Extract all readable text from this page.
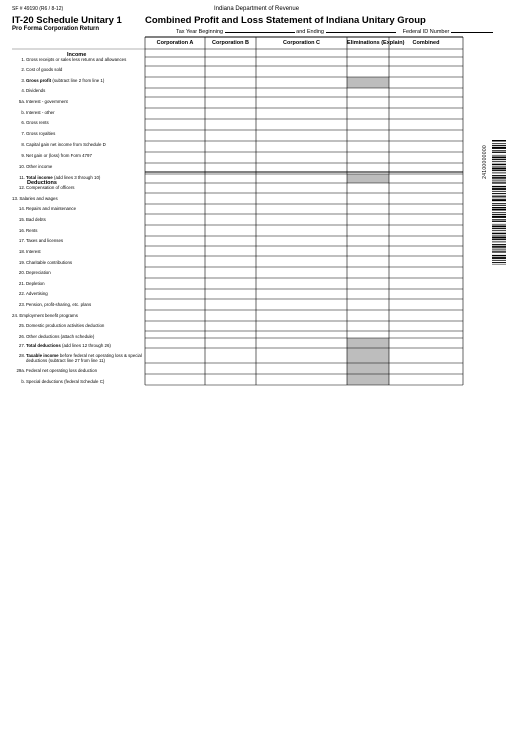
SF # 49190 (R6 / 8-12)	Indiana Department of Revenue
IT-20 Schedule Unitary 1
Pro Forma Corporation Return
Combined Profit and Loss Statement of Indiana Unitary Group
Tax Year Beginning	and Ending	Federal ID Number
Corporation A	Corporation B	Corporation C	Eliminations (Explain)	Combined
Income
Deductions
1. Gross receipts or sales less returns and allowances
2. Cost of goods sold
3. Gross profit (subtract line 2 from line 1)
4. Dividends
5a. Interest - government
b. Interest - other
6. Gross rents
7. Gross royalties
8. Capital gain net income from Schedule D
9. Net gain or (loss) from Form 4797
10. Other income
11. Total income (add lines 3 through 10)
12. Compensation of officers
13. Salaries and wages
14. Repairs and maintenance
15. Bad debts
16. Rents
17. Taxes and licenses
18. Interest
19. Charitable contributions
20. Depreciation
21. Depletion
22. Advertising
23. Pension, profit-sharing, etc. plans
24. Employment benefit programs
25. Domestic production activities deduction
26. Other deductions (attach schedule)
27. Total deductions (add lines 12 through 26)
28. Taxable income before federal net operating loss & special deductions (subtract line 27 from line 11)
29a. Federal net operating loss deduction
b. Special deductions (federal Schedule C)
24100000000
